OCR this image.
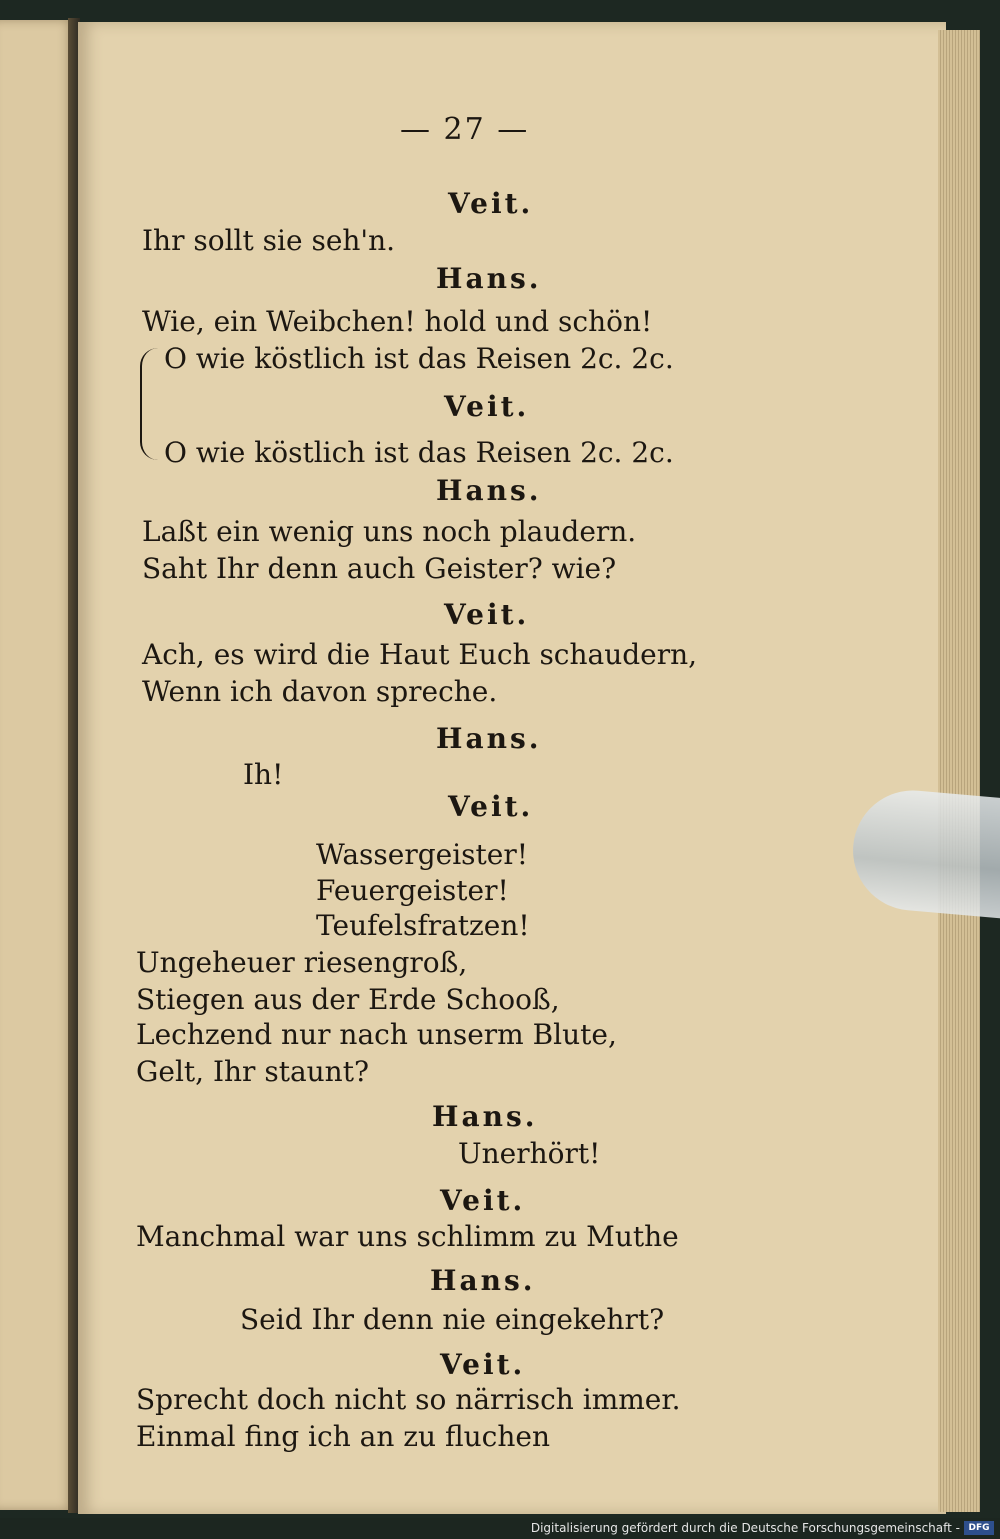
— 27 —
Veit.
Ihr sollt sie seh'n.
Hans.
Wie, ein Weibchen! hold und schön!
O wie köstlich ist das Reisen 2c. 2c.
Veit.
O wie köstlich ist das Reisen 2c. 2c.
Hans.
Laßt ein wenig uns noch plaudern.
Saht Ihr denn auch Geister? wie?
Veit.
Ach, es wird die Haut Euch schaudern,
Wenn ich davon spreche.
Hans.
Ih!
Veit.
Wassergeister!
Feuergeister!
Teufelsfratzen!
Ungeheuer riesengroß,
Stiegen aus der Erde Schooß,
Lechzend nur nach unserm Blute,
Gelt, Ihr staunt?
Hans.
Unerhört!
Veit.
Manchmal war uns schlimm zu Muthe
Hans.
Seid Ihr denn nie eingekehrt?
Veit.
Sprecht doch nicht so närrisch immer.
Einmal fing ich an zu fluchen
Digitalisierung gefördert durch die Deutsche Forschungsgemeinschaft - DFG
